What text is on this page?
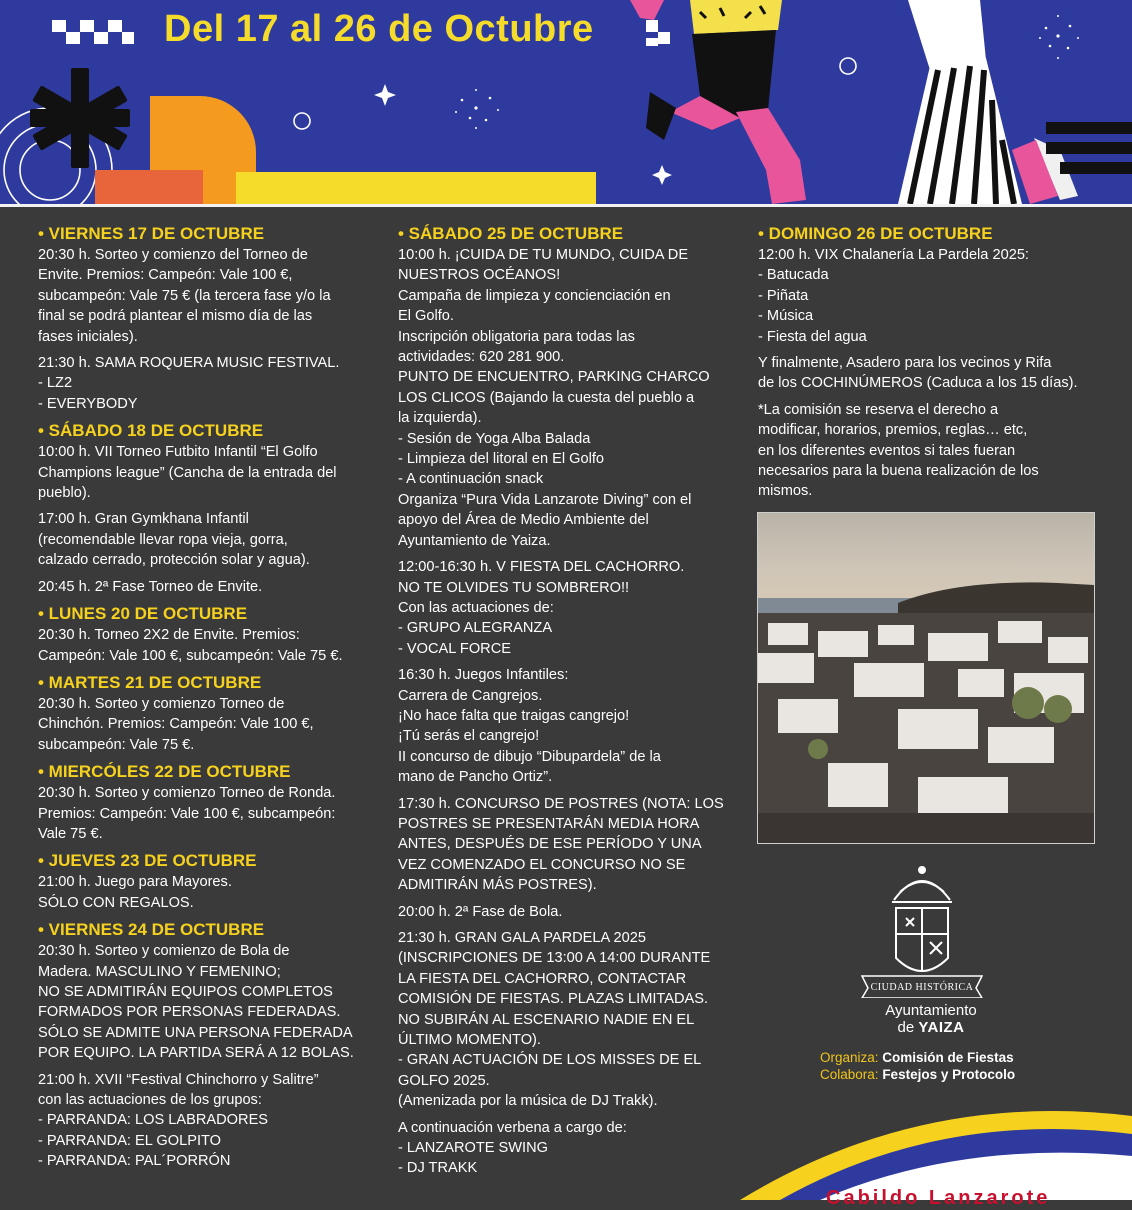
Del 17 al 26 de Octubre
• VIERNES 17 DE OCTUBRE
20:30 h. Sorteo y comienzo del Torneo de
Envite. Premios: Campeón: Vale 100 €,
subcampeón: Vale 75 € (la tercera fase y/o la
final se podrá plantear el mismo día de las
fases iniciales).
21:30 h. SAMA ROQUERA MUSIC FESTIVAL.
- LZ2
- EVERYBODY
• SÁBADO 18 DE OCTUBRE
10:00 h. VII Torneo Futbito Infantil “El Golfo
Champions league” (Cancha de la entrada del
pueblo).
17:00 h. Gran Gymkhana Infantil
(recomendable llevar ropa vieja, gorra,
calzado cerrado, protección solar y agua).
20:45 h. 2ª Fase Torneo de Envite.
• LUNES 20 DE OCTUBRE
20:30 h. Torneo 2X2 de Envite. Premios:
Campeón: Vale 100 €, subcampeón: Vale 75 €.
• MARTES 21 DE OCTUBRE
20:30 h. Sorteo y comienzo Torneo de
Chinchón. Premios: Campeón: Vale 100 €,
subcampeón: Vale 75 €.
• MIERCÓLES 22 DE OCTUBRE
20:30 h. Sorteo y comienzo Torneo de Ronda.
Premios: Campeón: Vale 100 €, subcampeón:
Vale 75 €.
• JUEVES 23 DE OCTUBRE
21:00 h. Juego para Mayores.
SÓLO CON REGALOS.
• VIERNES 24 DE OCTUBRE
20:30 h. Sorteo y comienzo de Bola de
Madera. MASCULINO Y FEMENINO;
NO SE ADMITIRÁN EQUIPOS COMPLETOS
FORMADOS POR PERSONAS FEDERADAS.
SÓLO SE ADMITE UNA PERSONA FEDERADA
POR EQUIPO. LA PARTIDA SERÁ A 12 BOLAS.
21:00 h. XVII “Festival Chinchorro y Salitre”
con las actuaciones de los grupos:
- PARRANDA: LOS LABRADORES
- PARRANDA: EL GOLPITO
- PARRANDA: PAL´PORRÓN
• SÁBADO 25 DE OCTUBRE
10:00 h. ¡CUIDA DE TU MUNDO, CUIDA DE
NUESTROS OCÉANOS!
Campaña de limpieza y concienciación en
El Golfo.
Inscripción obligatoria para todas las
actividades: 620 281 900.
PUNTO DE ENCUENTRO, PARKING CHARCO
LOS CLICOS (Bajando la cuesta del pueblo a
la izquierda).
- Sesión de Yoga Alba Balada
- Limpieza del litoral en El Golfo
- A continuación snack
Organiza “Pura Vida Lanzarote Diving” con el
apoyo del Área de Medio Ambiente del
Ayuntamiento de Yaiza.
12:00-16:30 h. V FIESTA DEL CACHORRO.
NO TE OLVIDES TU SOMBRERO!!
Con las actuaciones de:
- GRUPO ALEGRANZA
- VOCAL FORCE
16:30 h. Juegos Infantiles:
Carrera de Cangrejos.
¡No hace falta que traigas cangrejo!
¡Tú serás el cangrejo!
II concurso de dibujo “Dibupardela” de la
mano de Pancho Ortiz”.
17:30 h. CONCURSO DE POSTRES (NOTA: LOS
POSTRES SE PRESENTARÁN MEDIA HORA
ANTES, DESPUÉS DE ESE PERÍODO Y UNA
VEZ COMENZADO EL CONCURSO NO SE
ADMITIRÁN MÁS POSTRES).
20:00 h. 2ª Fase de Bola.
21:30 h. GRAN GALA PARDELA 2025
(INSCRIPCIONES DE 13:00 A 14:00 DURANTE
LA FIESTA DEL CACHORRO, CONTACTAR
COMISIÓN DE FIESTAS. PLAZAS LIMITADAS.
NO SUBIRÁN AL ESCENARIO NADIE EN EL
ÚLTIMO MOMENTO).
- GRAN ACTUACIÓN DE LOS MISSES DE EL
GOLFO 2025.
(Amenizada por la música de DJ Trakk).
A continuación verbena a cargo de:
- LANZAROTE SWING
- DJ TRAKK
• DOMINGO 26 DE OCTUBRE
12:00 h. VIX Chalanería La Pardela 2025:
- Batucada
- Piñata
- Música
- Fiesta del agua
Y finalmente, Asadero para los vecinos y Rifa
de los COCHINÚMEROS (Caduca a los 15 días).
*La comisión se reserva el derecho a
modificar, horarios, premios, reglas… etc,
en los diferentes eventos si tales fueran
necesarios para la buena realización de los
mismos.
CIUDAD HISTÓRICA
Ayuntamiento
de YAIZA
Organiza: Comisión de Fiestas
Colabora: Festejos y Protocolo
Cabildo Lanzarote
